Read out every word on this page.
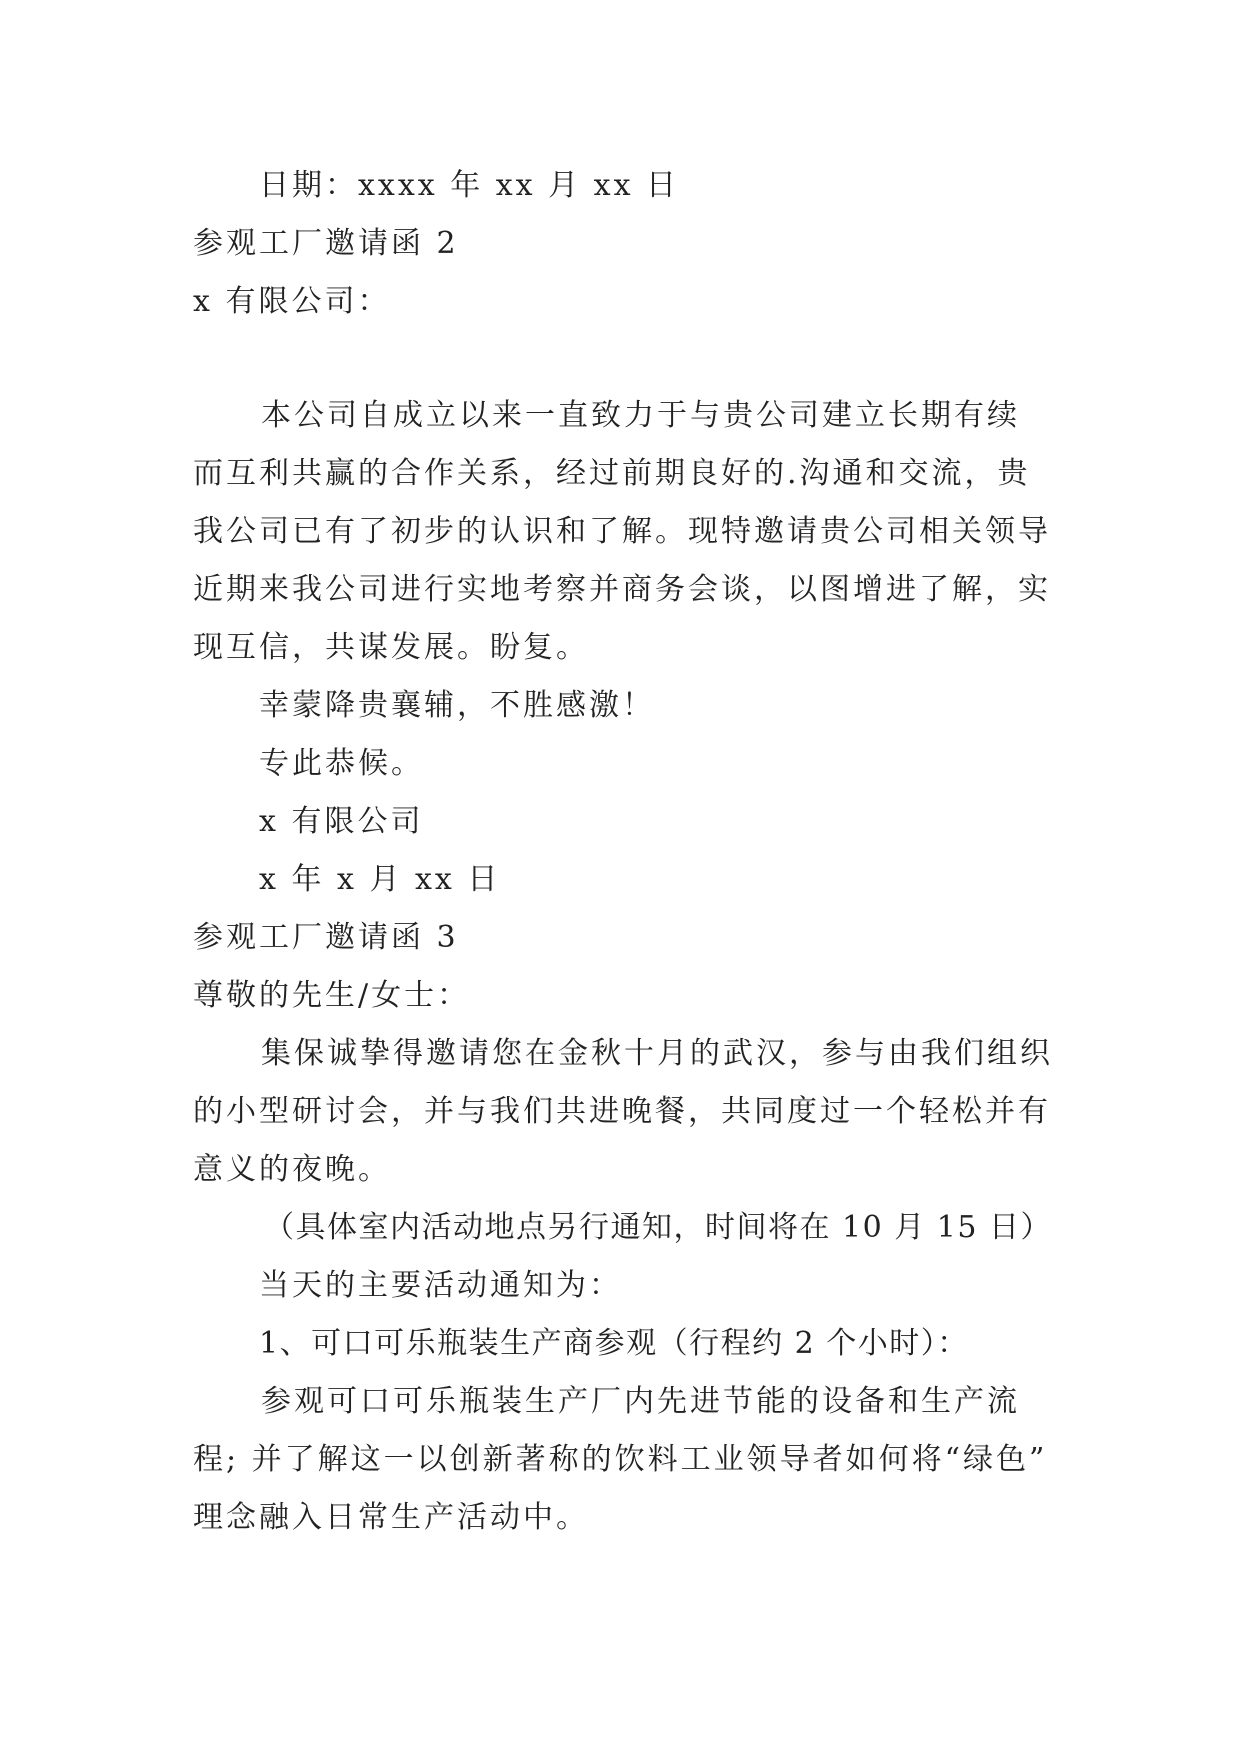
日期：xxxx 年 xx 月 xx 日
参观工厂邀请函 2
x 有限公司：
本公司自成立以来一直致力于与贵公司建立长期有续
而互利共赢的合作关系，经过前期良好的.沟通和交流，贵
我公司已有了初步的认识和了解。现特邀请贵公司相关领导
近期来我公司进行实地考察并商务会谈，以图增进了解，实
现互信，共谋发展。盼复。
幸蒙降贵襄辅，不胜感激！
专此恭候。
x 有限公司
x 年 x 月 xx 日
参观工厂邀请函 3
尊敬的先生/女士：
集保诚挚得邀请您在金秋十月的武汉，参与由我们组织
的小型研讨会，并与我们共进晚餐，共同度过一个轻松并有
意义的夜晚。
（具体室内活动地点另行通知，时间将在 10 月 15 日）
当天的主要活动通知为：
1、可口可乐瓶装生产商参观（行程约 2 个小时）：
参观可口可乐瓶装生产厂内先进节能的设备和生产流
程; 并了解这一以创新著称的饮料工业领导者如何将“绿色”
理念融入日常生产活动中。
